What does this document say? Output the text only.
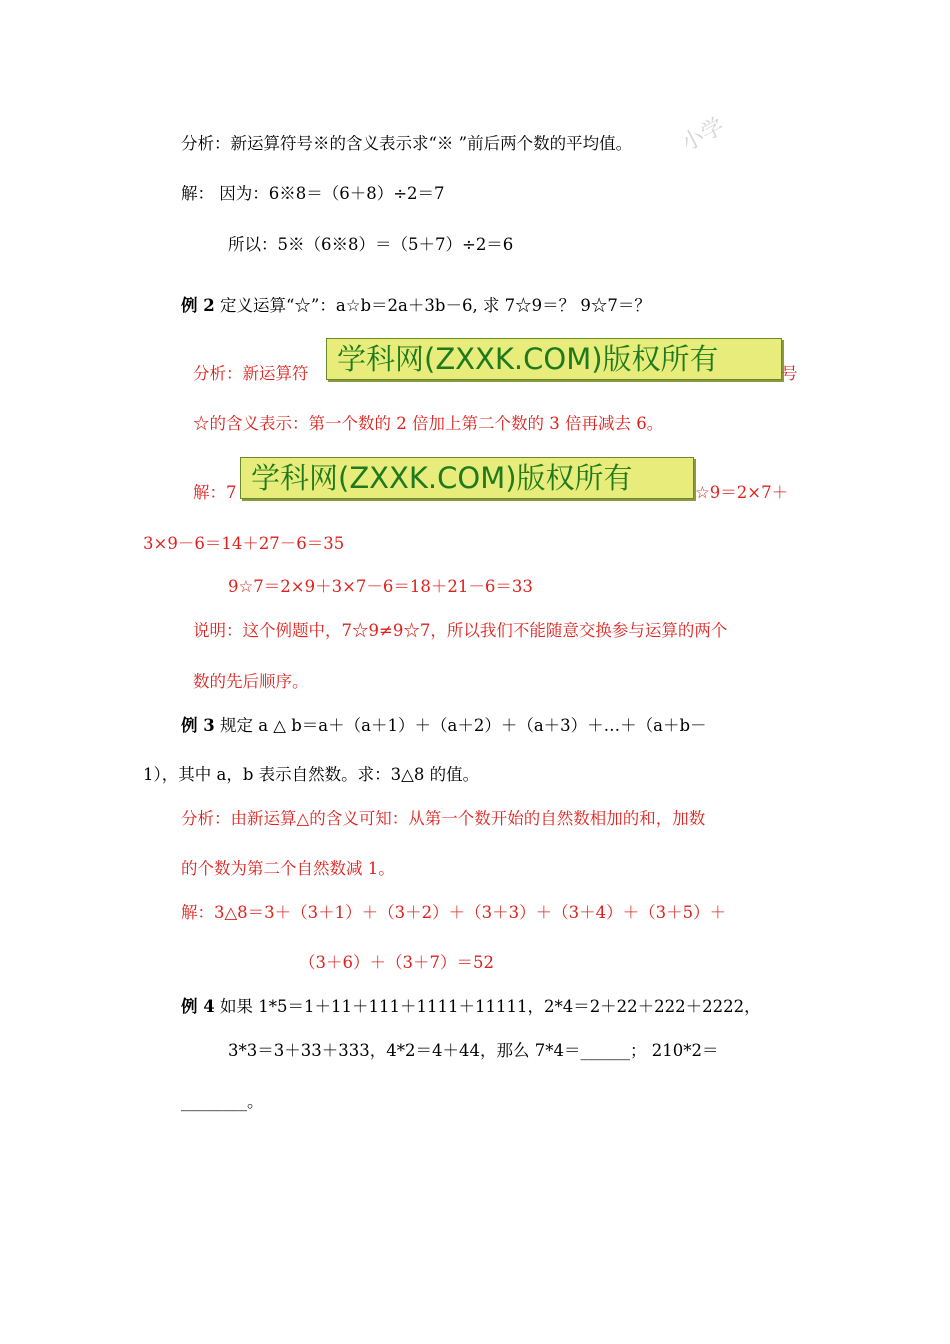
小学
分析：新运算符号※的含义表示求“※ ”前后两个数的平均值。
解： 因为：6※8＝（6＋8）÷2＝7
所以：5※（6※8）＝（5＋7）÷2＝6
例 2 定义运算“☆”：a☆b＝2a＋3b－6, 求 7☆9＝？ 9☆7＝？
分析：新运算符 学科网(ZXXK.COM)版权所有	号
☆的含义表示：第一个数的 2 倍加上第二个数的 3 倍再减去 6。
解：7 学科网(ZXXK.COM)版权所有	☆9＝2×7＋
3×9－6＝14＋27－6＝35
9☆7＝2×9＋3×7－6＝18＋21－6＝33
说明：这个例题中，7☆9≠9☆7，所以我们不能随意交换参与运算的两个
数的先后顺序。
例 3 规定 a △ b＝a＋（a＋1）＋（a＋2）＋（a＋3）＋…＋（a＋b－
1），其中 a，b 表示自然数。求：3△8 的值。
分析：由新运算△的含义可知：从第一个数开始的自然数相加的和，加数
的个数为第二个自然数减 1。
解：3△8＝3＋（3＋1）＋（3＋2）＋（3＋3）＋（3＋4）＋（3＋5）＋
（3＋6）＋（3＋7）＝52
例 4 如果 1*5＝1＋11＋111＋1111＋11111，2*4＝2＋22＋222＋2222，
3*3＝3＋33＋333，4*2＝4＋44，那么 7*4＝______； 210*2＝
________。
